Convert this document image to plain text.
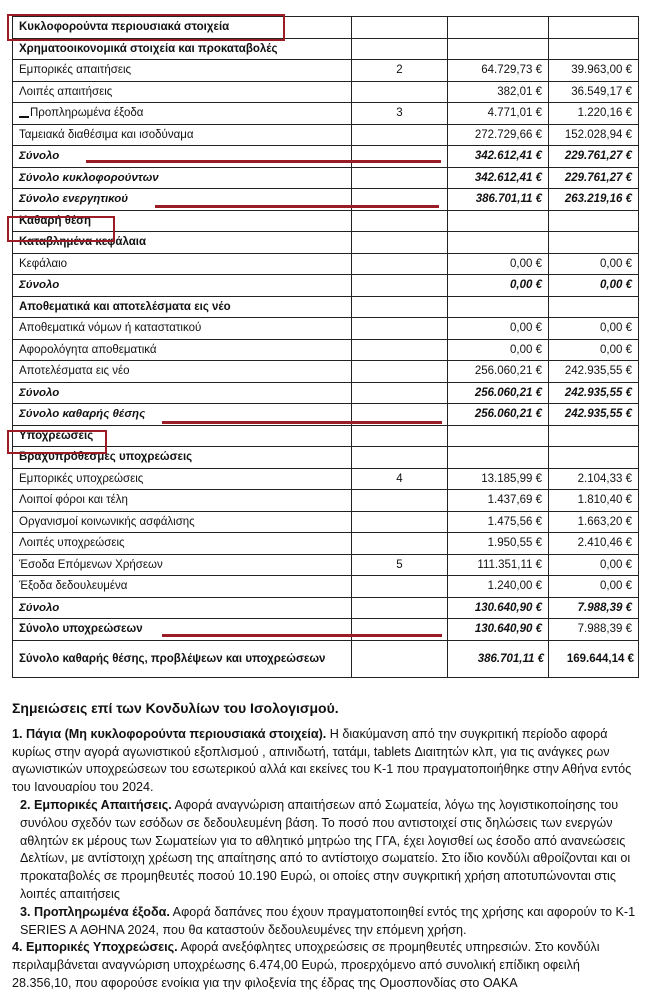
Κυκλοφορούντα περιουσιακά στοιχεία			
Χρηματοοικονομικά στοιχεία και προκαταβολές			
Εμπορικές απαιτήσεις	2	64.729,73 €	39.963,00 €
Λοιπές απαιτήσεις		382,01 €	36.549,17 €
Προπληρωμένα έξοδα	3	4.771,01 €	1.220,16 €
Ταμειακά διαθέσιμα και ισοδύναμα		272.729,66 €	152.028,94 €
Σύνολο		342.612,41 €	229.761,27 €
Σύνολο κυκλοφορούντων		342.612,41 €	229.761,27 €
Σύνολο ενεργητικού		386.701,11 €	263.219,16 €
Καθαρή θέση			
Καταβλημένα κεφάλαια			
Κεφάλαιο		0,00 €	0,00 €
Σύνολο		0,00 €	0,00 €
Αποθεματικά και αποτελέσματα εις νέο			
Αποθεματικά νόμων ή καταστατικού		0,00 €	0,00 €
Αφορολόγητα αποθεματικά		0,00 €	0,00 €
Αποτελέσματα εις νέο		256.060,21 €	242.935,55 €
Σύνολο		256.060,21 €	242.935,55 €
Σύνολο καθαρής θέσης		256.060,21 €	242.935,55 €
Υποχρεώσεις			
Βραχυπρόθεσμες υποχρεώσεις			
Εμπορικές υποχρεώσεις	4	13.185,99 €	2.104,33 €
Λοιποί φόροι και τέλη		1.437,69 €	1.810,40 €
Οργανισμοί κοινωνικής ασφάλισης		1.475,56 €	1.663,20 €
Λοιπές υποχρεώσεις		1.950,55 €	2.410,46 €
Έσοδα Επόμενων Χρήσεων	5	111.351,11 €	0,00 €
Έξοδα δεδουλευμένα		1.240,00 €	0,00 €
Σύνολο		130.640,90 €	7.988,39 €
Σύνολο υποχρεώσεων		130.640,90 €	7.988,39 €
Σύνολο καθαρής θέσης, προβλέψεων και υποχρεώσεων		386.701,11 €	169.644,14 €
Σημειώσεις επί των Κονδυλίων του Ισολογισμού.

1. Πάγια (Μη κυκλοφορούντα περιουσιακά στοιχεία). Η διακύμανση από την συγκριτική περίοδο αφορά κυρίως στην αγορά αγωνιστικού εξοπλισμού , απινιδωτή, τατάμι, tablets Διαιτητών κλπ, για τις ανάγκες ρων αγωνιστικών υποχρεώσεων του εσωτερικού αλλά και εκείνες του Κ-1 που πραγματοποιήθηκε στην Αθήνα εντός του Ιανουαρίου του 2024.

2. Εμπορικές Απαιτήσεις. Αφορά αναγνώριση απαιτήσεων από Σωματεία, λόγω της λογιστικοποίησης του συνόλου σχεδόν των εσόδων σε δεδουλευμένη βάση. Το ποσό που αντιστοιχεί στις δηλώσεις των ενεργών αθλητών εκ μέρους των Σωματείων για το αθλητικό μητρώο της ΓΓΑ, έχει λογισθεί ως έσοδο από ανανεώσεις Δελτίων, με αντίστοιχη χρέωση της απαίτησης από το αντίστοιχο σωματείο. Στο ίδιο κονδύλι αθροίζονται και οι προκαταβολές σε προμηθευτές ποσού 10.190 Ευρώ, οι οποίες στην συγκριτική χρήση αποτυπώνονται στις λοιπές απαιτήσεις

3. Προπληρωμένα έξοδα. Αφορά δαπάνες που έχουν πραγματοποιηθεί εντός της χρήσης και αφορούν το Κ-1 SERIES A ΑΘΗΝΑ 2024, που θα καταστούν δεδουλευμένες την επόμενη χρήση.

4. Εμπορικές Υποχρεώσεις. Αφορά ανεξόφλητες υποχρεώσεις σε προμηθευτές υπηρεσιών. Στο κονδύλι περιλαμβάνεται αναγνώριση υποχρέωσης 6.474,00 Ευρώ, προερχόμενο από συνολική επίδικη οφειλή 28.356,10, που αφορούσε ενοίκια για την φιλοξενία της έδρας της Ομοσπονδίας στο ΟΑΚΑ
